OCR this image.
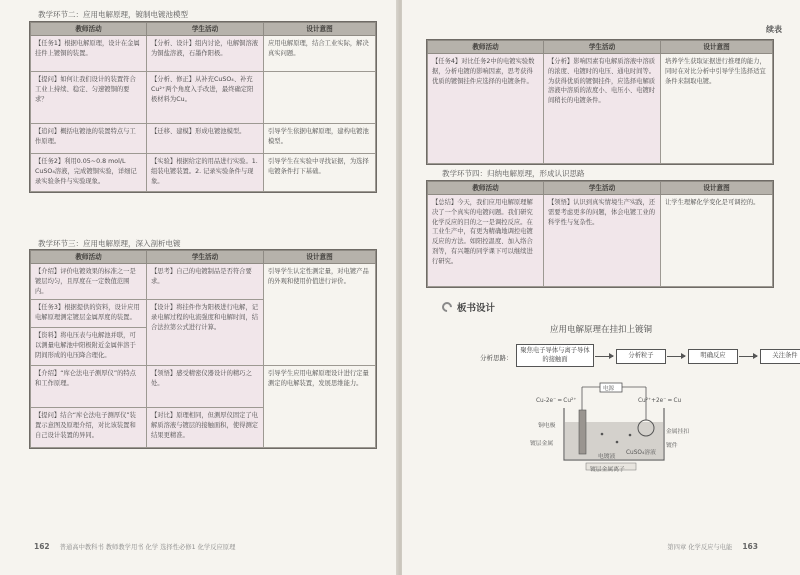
教学环节二：应用电解原理，镀制电镀池模型
教师活动	学生活动	设计意图
【任务1】根据电解原理，设计在金属挂件上镀铜的装置。	【分析、设计】组内讨论，电解铜溶液为铜盐溶液，石墨作阳极。	应用电解原理，结合工业实际，解决真实问题。
【提问】如何让我们设计的装置符合工业上持续、稳定、匀速镀铜的要求？	【分析、修正】从补充CuSO₄、补充Cu²⁺两个角度入手改进，最终确定阳极材料为Cu。	
【追问】概括电镀池的装置特点与工作原理。	【迁移、建模】形成电镀池模型。	引导学生依据电解原理，建构电镀池模型。
【任务2】利用0.05~0.8 mol/L CuSO₄溶液，完成镀铜实验，详细记录实验条件与实验现象。	【实验】根据给定的用品进行实验。1. 组装电镀装置。2. 记录实验条件与现象。	引导学生在实验中寻找证据，为选择电镀条件打下基础。
教学环节三：应用电解原理，深入剖析电镀
教师活动	学生活动	设计意图
【介绍】评价电镀效果的标准之一是镀层均匀，且厚度在一定数值范围内。	【思考】自己的电镀制品是否符合要求。	引导学生认定性测定量，对电镀产品的外观和使用价值进行评价。
【任务3】根据提供的资料，设计应用电解原理测定镀层金属厚度的装置。	【设计】将挂件作为阳极进行电解，记录电解过程的电流强度和电解时间，结合法拉第公式进行计算。	
【资料】将电压表与电解池并联，可以测量电解池中阳极附近金属伴溶于阴间形成的电压降合理化。		
【介绍】“库仑法电子测厚仪”的特点和工作原理。	【领悟】感受精密仪器设计的精巧之处。	引导学生应用电解原理设计进行定量测定的电解装置，发展思维能力。
【提问】结合“库仑法电子测厚仪”装置示意图及原理介绍，对比该装置和自己设计装置的异同。	【对比】原理相同，但测厚仪固定了电解质溶液与镀层的接触面积，使得测定结果更精准。	
162 普通高中教科书 教师教学用书 化学 选择性必修1 化学反应原理
续表
教师活动	学生活动	设计意图
【任务4】对比任务2中的电镀实验数据，分析电镀的影响因素，思考获得优质的镀铜挂件应选择的电镀条件。	【分析】影响因素有电解质溶液中溶质的浓度、电镀时的电压、通电时间等。为获得优质的镀铜挂件，应选择电解质溶液中溶质的浓度小、电压小、电镀时间稍长的电镀条件。	培养学生获取证据进行推理的能力，同时在对比分析中引导学生选择适宜条件来制取电镀。
教学环节四：归纳电解原理，形成认识思路
教师活动	学生活动	设计意图
【总结】今天，我们应用电解原理解决了一个真实的电镀问题。我们研究化学反应的目的之一是调控反应。在工业生产中，有更为精确地调控电镀反应的方法。如阳控温度、加入络合剂等，有兴趣的同学课下可以继续进行研究。	【领悟】认识到真实情境生产实践，还需要考虑更多的问题，体会电镀工业的科学性与复杂性。	让学生理解化学变化是可调控的。
板书设计
应用电解原理在挂扣上镀铜
分析思路：
聚焦电子导体与离子导体的接触面	分析粒子	明确反应	关注条件
电源
Cu-2e⁻ ═ Cu²⁺	Cu²⁺+2e⁻ ═ Cu
铜电极
镀层金属
金属挂扣
镀件
CuSO₄溶液
电镀液
镀层金属离子
第四章 化学反应与电能 163
